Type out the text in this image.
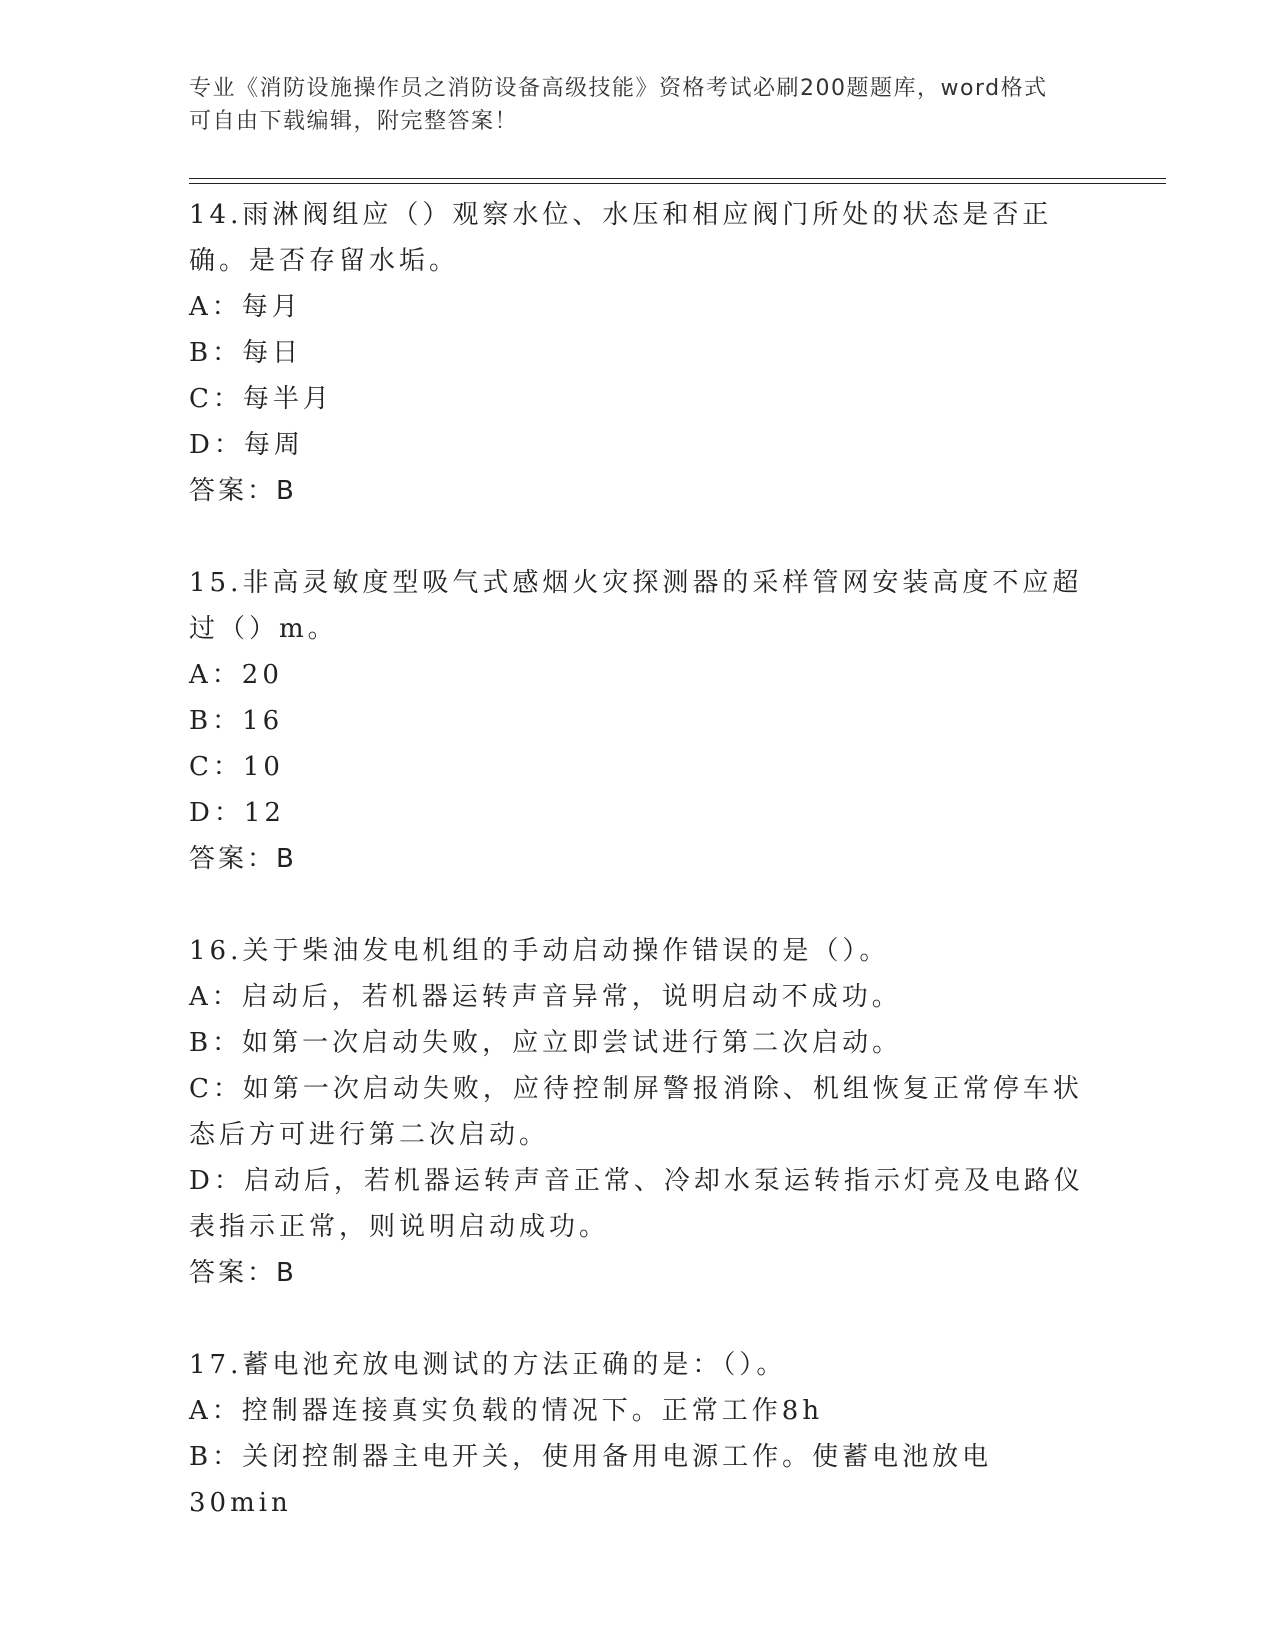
专业《消防设施操作员之消防设备高级技能》资格考试必刷200题题库，word格式可自由下载编辑，附完整答案！

14.雨淋阀组应（）观察水位、水压和相应阀门所处的状态是否正确。是否存留水垢。

A：每月

B：每日

C：每半月

D：每周

答案：B

15.非高灵敏度型吸气式感烟火灾探测器的采样管网安装高度不应超过（）m。

A：20

B：16

C：10

D：12

答案：B

16.关于柴油发电机组的手动启动操作错误的是（）。

A：启动后，若机器运转声音异常，说明启动不成功。

B：如第一次启动失败，应立即尝试进行第二次启动。

C：如第一次启动失败，应待控制屏警报消除、机组恢复正常停车状态后方可进行第二次启动。

D：启动后，若机器运转声音正常、冷却水泵运转指示灯亮及电路仪表指示正常，则说明启动成功。

答案：B

17.蓄电池充放电测试的方法正确的是：（）。

A：控制器连接真实负载的情况下。正常工作8h

B：关闭控制器主电开关，使用备用电源工作。使蓄电池放电30min
